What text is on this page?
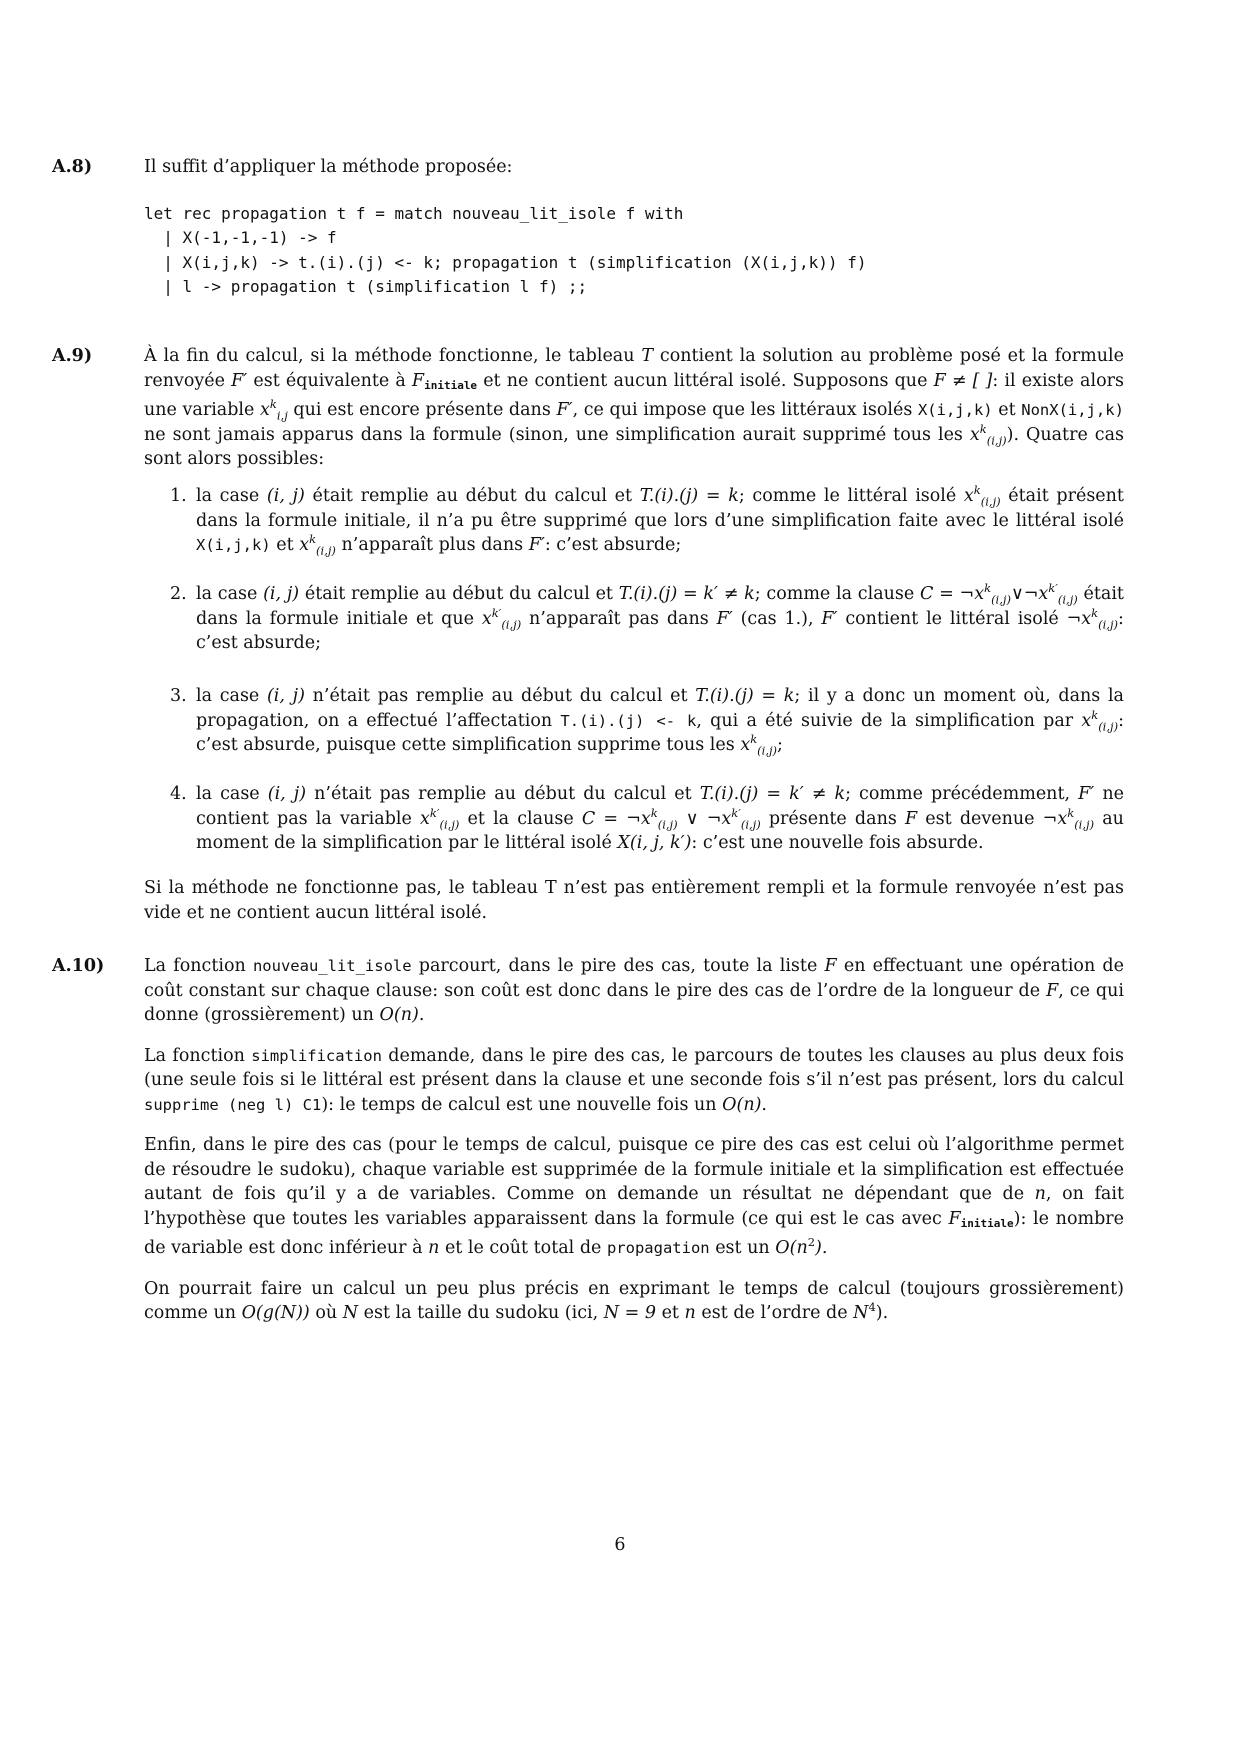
A.8)	Il suffit d’appliquer la méthode proposée:

let rec propagation t f = match nouveau_lit_isole f with
| X(-1,-1,-1) -> f
| X(i,j,k) -> t.(i).(j) <- k; propagation t (simplification (X(i,j,k)) f)
| l -> propagation t (simplification l f) ;;
A.9)	À la fin du calcul, si la méthode fonctionne, le tableau T contient la solution au problème posé et la formule renvoyée F′ est équivalente à $F_{initiale}$ et ne contient aucun littéral isolé. Supposons que F ≠ [ ]: il existe alors une variable $x^k_{i,j}$ qui est encore présente dans F′, ce qui impose que les littéraux isolés X(i,j,k) et NonX(i,j,k) ne sont jamais apparus dans la formule (sinon, une simplification aurait supprimé tous les $x^k_{(i,j)}$). Quatre cas sont alors possibles:

1. la case (i, j) était remplie au début du calcul et T.(i).(j) = k; comme le littéral isolé $x^k_{(i,j)}$ était présent dans la formule initiale, il n’a pu être supprimé que lors d’une simplification faite avec le littéral isolé X(i,j,k) et $x^k_{(i,j)}$ n’apparaît plus dans F′: c’est absurde;
2. la case (i, j) était remplie au début du calcul et T.(i).(j) = k′ ≠ k; comme la clause $C = \neg x^k_{(i,j)}\vee\neg x^{k'}_{(i,j)}$ était dans la formule initiale et que $x^{k'}_{(i,j)}$ n’apparaît pas dans F′ (cas 1.), F′ contient le littéral isolé $\neg x^k_{(i,j)}$: c’est absurde;
3. la case (i, j) n’était pas remplie au début du calcul et T.(i).(j) = k; il y a donc un moment où, dans la propagation, on a effectué l’affectation T.(i).(j) <- k, qui a été suivie de la simplification par $x^k_{(i,j)}$: c’est absurde, puisque cette simplification supprime tous les $x^k_{(i,j)}$;
4. la case (i, j) n’était pas remplie au début du calcul et T.(i).(j) = k′ ≠ k; comme précédemment, F′ ne contient pas la variable $x^{k'}_{(i,j)}$ et la clause $C = \neg x^k_{(i,j)}$ ∨ $\neg x^{k'}_{(i,j)}$ présente dans F est devenue $\neg x^k_{(i,j)}$ au moment de la simplification par le littéral isolé X(i, j, k′): c’est une nouvelle fois absurde.
Si la méthode ne fonctionne pas, le tableau T n’est pas entièrement rempli et la formule renvoyée n’est pas vide et ne contient aucun littéral isolé.
A.10) La fonction nouveau_lit_isole parcourt, dans le pire des cas, toute la liste F en effectuant une opération de coût constant sur chaque clause: son coût est donc dans le pire des cas de l’ordre de la longueur de F, ce qui donne (grossièrement) un O(n).

La fonction simplification demande, dans le pire des cas, le parcours de toutes les clauses au plus deux fois (une seule fois si le littéral est présent dans la clause et une seconde fois s’il n’est pas présent, lors du calcul supprime (neg l) C1): le temps de calcul est une nouvelle fois un O(n).

Enfin, dans le pire des cas (pour le temps de calcul, puisque ce pire des cas est celui où l’algorithme permet de résoudre le sudoku), chaque variable est supprimée de la formule initiale et la simplification est effectuée autant de fois qu’il y a de variables. Comme on demande un résultat ne dépendant que de n, on fait l’hypothèse que toutes les variables apparaissent dans la formule (ce qui est le cas avec $F_{initiale}$): le nombre de variable est donc inférieur à n et le coût total de propagation est un $O(n^2)$.

On pourrait faire un calcul un peu plus précis en exprimant le temps de calcul (toujours grossièrement) comme un O(g(N)) où N est la taille du sudoku (ici, N = 9 et n est de l’ordre de $N^4$).

6
